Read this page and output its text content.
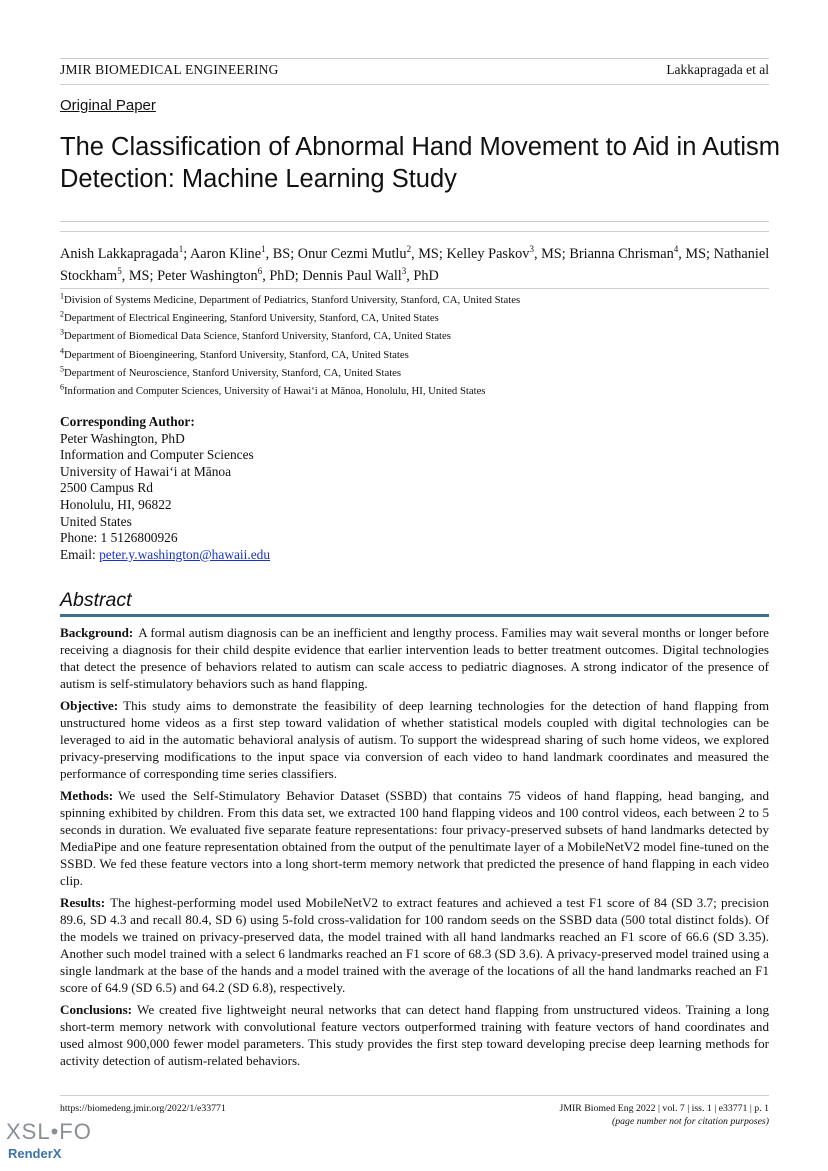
JMIR BIOMEDICAL ENGINEERING	Lakkapragada et al
Original Paper
The Classification of Abnormal Hand Movement to Aid in Autism Detection: Machine Learning Study
Anish Lakkapragada$^1$; Aaron Kline$^1$, BS; Onur Cezmi Mutlu$^2$, MS; Kelley Paskov$^3$, MS; Brianna Chrisman$^4$, MS; Nathaniel Stockham$^5$, MS; Peter Washington$^6$, PhD; Dennis Paul Wall$^3$, PhD
$^1$Division of Systems Medicine, Department of Pediatrics, Stanford University, Stanford, CA, United States
$^2$Department of Electrical Engineering, Stanford University, Stanford, CA, United States
$^3$Department of Biomedical Data Science, Stanford University, Stanford, CA, United States
$^4$Department of Bioengineering, Stanford University, Stanford, CA, United States
$^5$Department of Neuroscience, Stanford University, Stanford, CA, United States
$^6$Information and Computer Sciences, University of Hawai‘i at Mānoa, Honolulu, HI, United States
Corresponding Author:
Peter Washington, PhD
Information and Computer Sciences
University of Hawai‘i at Mānoa
2500 Campus Rd
Honolulu, HI, 96822
United States
Phone: 1 5126800926
Email: peter.y.washington@hawaii.edu
Abstract

Background: A formal autism diagnosis can be an inefficient and lengthy process. Families may wait several months or longer before receiving a diagnosis for their child despite evidence that earlier intervention leads to better treatment outcomes. Digital technologies that detect the presence of behaviors related to autism can scale access to pediatric diagnoses. A strong indicator of the presence of autism is self-stimulatory behaviors such as hand flapping.

Objective: This study aims to demonstrate the feasibility of deep learning technologies for the detection of hand flapping from unstructured home videos as a first step toward validation of whether statistical models coupled with digital technologies can be leveraged to aid in the automatic behavioral analysis of autism. To support the widespread sharing of such home videos, we explored privacy-preserving modifications to the input space via conversion of each video to hand landmark coordinates and measured the performance of corresponding time series classifiers.

Methods: We used the Self-Stimulatory Behavior Dataset (SSBD) that contains 75 videos of hand flapping, head banging, and spinning exhibited by children. From this data set, we extracted 100 hand flapping videos and 100 control videos, each between 2 to 5 seconds in duration. We evaluated five separate feature representations: four privacy-preserved subsets of hand landmarks detected by MediaPipe and one feature representation obtained from the output of the penultimate layer of a MobileNetV2 model fine-tuned on the SSBD. We fed these feature vectors into a long short-term memory network that predicted the presence of hand flapping in each video clip.

Results: The highest-performing model used MobileNetV2 to extract features and achieved a test F1 score of 84 (SD 3.7; precision 89.6, SD 4.3 and recall 80.4, SD 6) using 5-fold cross-validation for 100 random seeds on the SSBD data (500 total distinct folds). Of the models we trained on privacy-preserved data, the model trained with all hand landmarks reached an F1 score of 66.6 (SD 3.35). Another such model trained with a select 6 landmarks reached an F1 score of 68.3 (SD 3.6). A privacy-preserved model trained using a single landmark at the base of the hands and a model trained with the average of the locations of all the hand landmarks reached an F1 score of 64.9 (SD 6.5) and 64.2 (SD 6.8), respectively.

Conclusions: We created five lightweight neural networks that can detect hand flapping from unstructured videos. Training a long short-term memory network with convolutional feature vectors outperformed training with feature vectors of hand coordinates and used almost 900,000 fewer model parameters. This study provides the first step toward developing precise deep learning methods for activity detection of autism-related behaviors.

https://biomedeng.jmir.org/2022/1/e33771	JMIR Biomed Eng 2022 | vol. 7 | iss. 1 | e33771 | p. 1
(page number not for citation purposes)
XSL•FO
RenderX
